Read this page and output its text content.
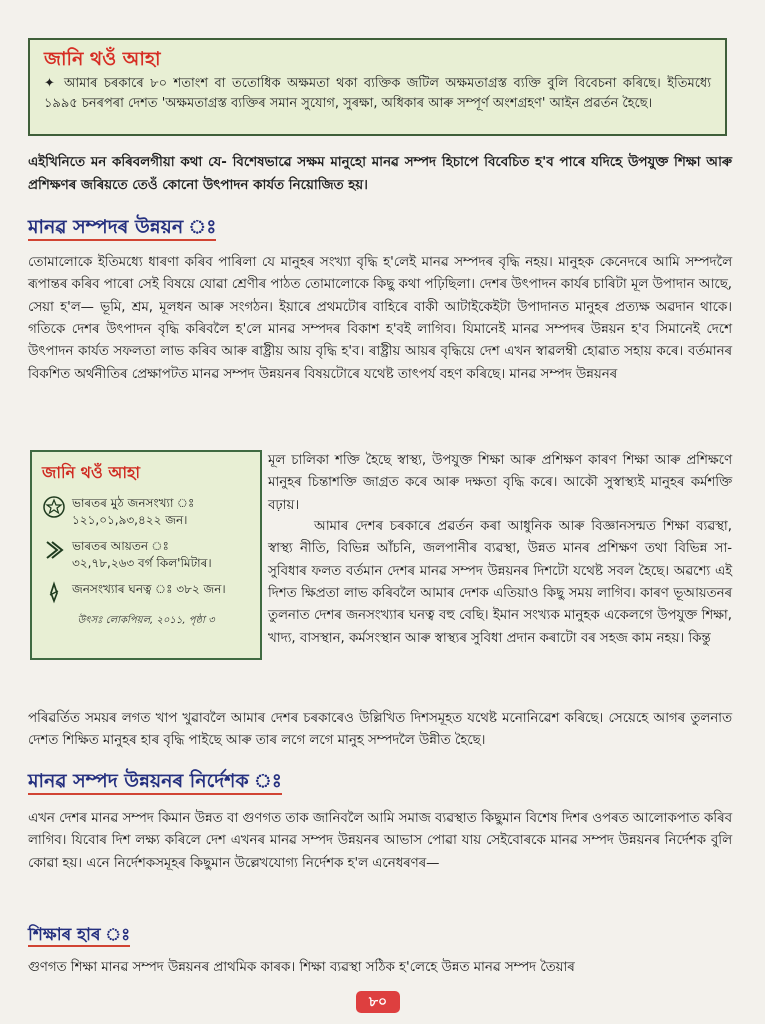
জানি থওঁ আহা

✦ আমাৰ চৰকাৰে ৮০ শতাংশ বা ততোধিক অক্ষমতা থকা ব্যক্তিক জটিল অক্ষমতাগ্ৰস্ত ব্যক্তি বুলি বিবেচনা কৰিছে। ইতিমধ্যে ১৯৯৫ চনৰপৰা দেশত 'অক্ষমতাগ্ৰস্ত ব্যক্তিৰ সমান সুযোগ, সুৰক্ষা, অধিকাৰ আৰু সম্পূৰ্ণ অংশগ্ৰহণ' আইন প্ৰৱৰ্তন হৈছে।

এইখিনিতে মন কৰিবলগীয়া কথা যে- বিশেষভাৱে সক্ষম মানুহো মানৱ সম্পদ হিচাপে বিবেচিত হ'ব পাৰে যদিহে উপযুক্ত শিক্ষা আৰু প্ৰশিক্ষণৰ জৰিয়তে তেওঁ কোনো উৎপাদন কাৰ্যত নিয়োজিত হয়।

মানৱ সম্পদৰ উন্নয়ন ঃ

তোমালোকে ইতিমধ্যে ধাৰণা কৰিব পাৰিলা যে মানুহৰ সংখ্যা বৃদ্ধি হ'লেই মানৱ সম্পদৰ বৃদ্ধি নহয়। মানুহক কেনেদৰে আমি সম্পদলৈ ৰূপান্তৰ কৰিব পাৰো সেই বিষয়ে যোৱা শ্ৰেণীৰ পাঠত তোমালোকে কিছু কথা পঢ়িছিলা। দেশৰ উৎপাদন কাৰ্যৰ চাৰিটা মূল উপাদান আছে, সেয়া হ'ল— ভূমি, শ্ৰম, মূলধন আৰু সংগঠন। ইয়াৰে প্ৰথমটোৰ বাহিৰে বাকী আটাইকেইটা উপাদানত মানুহৰ প্ৰত্যক্ষ অৱদান থাকে। গতিকে দেশৰ উৎপাদন বৃদ্ধি কৰিবলৈ হ'লে মানৱ সম্পদৰ বিকাশ হ'বই লাগিব। যিমানেই মানৱ সম্পদৰ উন্নয়ন হ'ব সিমানেই দেশে উৎপাদন কাৰ্যত সফলতা লাভ কৰিব আৰু ৰাষ্ট্ৰীয় আয় বৃদ্ধি হ'ব। ৰাষ্ট্ৰীয় আয়ৰ বৃদ্ধিয়ে দেশ এখন স্বাৱলম্বী হোৱাত সহায় কৰে। বৰ্তমানৰ বিকশিত অৰ্থনীতিৰ প্ৰেক্ষাপটত মানৱ সম্পদ উন্নয়নৰ বিষয়টোৰে যথেষ্ট তাৎপৰ্য বহণ কৰিছে। মানৱ সম্পদ উন্নয়নৰ

জানি থওঁ আহা
ভাৰতৰ মুঠ জনসংখ্যা ঃ
১২১,০১,৯৩,৪২২ জন।
ভাৰতৰ আয়তন ঃ
৩২,৭৮,২৬৩ বৰ্গ কিল'মিটাৰ।
জনসংখ্যাৰ ঘনত্ব ঃ ৩৮২ জন।
উৎসঃ লোকপিয়ল, ২০১১, পৃষ্ঠা ৩

মূল চালিকা শক্তি হৈছে স্বাস্থ্য, উপযুক্ত শিক্ষা আৰু প্ৰশিক্ষণ কাৰণ শিক্ষা আৰু প্ৰশিক্ষণে মানুহৰ চিন্তাশক্তি জাগ্ৰত কৰে আৰু দক্ষতা বৃদ্ধি কৰে। আকৌ সুস্বাস্থ্যই মানুহৰ কৰ্মশক্তি বঢ়ায়।

আমাৰ দেশৰ চৰকাৰে প্ৰৱৰ্তন কৰা আধুনিক আৰু বিজ্ঞানসন্মত শিক্ষা ব্যৱস্থা, স্বাস্থ্য নীতি, বিভিন্ন আঁচনি, জলপানীৰ ব্যৱস্থা, উন্নত মানৰ প্ৰশিক্ষণ তথা বিভিন্ন সা-সুবিধাৰ ফলত বৰ্তমান দেশৰ মানৱ সম্পদ উন্নয়নৰ দিশটো যথেষ্ট সবল হৈছে। অৱশ্যে এই দিশত ক্ষিপ্ৰতা লাভ কৰিবলৈ আমাৰ দেশক এতিয়াও কিছু সময় লাগিব। কাৰণ ভূআয়তনৰ তুলনাত দেশৰ জনসংখ্যাৰ ঘনত্ব বহু বেছি। ইমান সংখ্যক মানুহক একেলগে উপযুক্ত শিক্ষা, খাদ্য, বাসস্থান, কৰ্মসংস্থান আৰু স্বাস্থ্যৰ সুবিধা প্ৰদান কৰাটো বৰ সহজ কাম নহয়। কিন্তু

পৰিৱৰ্তিত সময়ৰ লগত খাপ খুৱাবলৈ আমাৰ দেশৰ চৰকাৰেও উল্লিখিত দিশসমূহত যথেষ্ট মনোনিৱেশ কৰিছে। সেয়েহে আগৰ তুলনাত দেশত শিক্ষিত মানুহৰ হাৰ বৃদ্ধি পাইছে আৰু তাৰ লগে লগে মানুহ সম্পদলৈ উন্নীত হৈছে।

মানৱ সম্পদ উন্নয়নৰ নিৰ্দেশক ঃ

এখন দেশৰ মানৱ সম্পদ কিমান উন্নত বা গুণগত তাক জানিবলৈ আমি সমাজ ব্যৱস্থাত কিছুমান বিশেষ দিশৰ ওপৰত আলোকপাত কৰিব লাগিব। যিবোৰ দিশ লক্ষ্য কৰিলে দেশ এখনৰ মানৱ সম্পদ উন্নয়নৰ আভাস পোৱা যায় সেইবোৰকে মানৱ সম্পদ উন্নয়নৰ নিৰ্দেশক বুলি কোৱা হয়। এনে নিৰ্দেশকসমূহৰ কিছুমান উল্লেখযোগ্য নিৰ্দেশক হ'ল এনেধৰণৰ—

শিক্ষাৰ হাৰ ঃ

গুণগত শিক্ষা মানৱ সম্পদ উন্নয়নৰ প্ৰাথমিক কাৰক। শিক্ষা ব্যৱস্থা সঠিক হ'লেহে উন্নত মানৱ সম্পদ তৈয়াৰ

৮০
